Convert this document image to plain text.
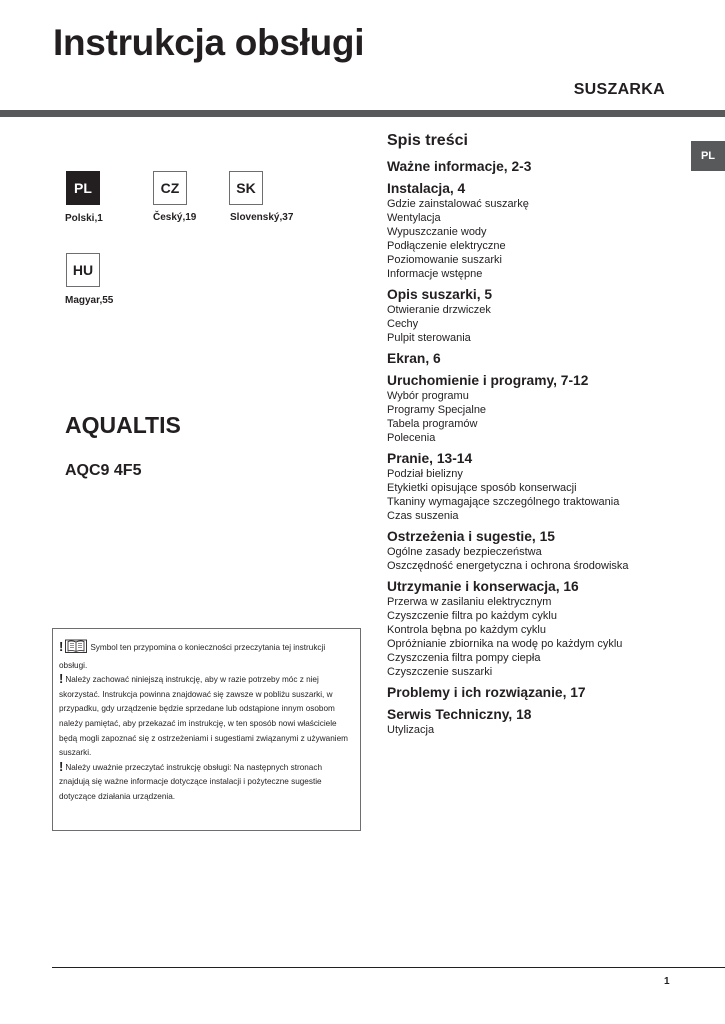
Instrukcja obsługi
SUSZARKA
PL
PL
Polski,1
CZ
Český,19
SK
Slovenský,37
HU
Magyar,55
AQUALTIS
AQC9 4F5

!	Symbol ten przypomina o konieczności przeczytania tej instrukcji obsługi.

! Należy zachować niniejszą instrukcję, aby w razie potrzeby móc z niej skorzystać. Instrukcja powinna znajdować się zawsze w pobliżu suszarki, w przypadku, gdy urządzenie będzie sprzedane lub odstąpione innym osobom należy pamiętać, aby przekazać im instrukcję, w ten sposób nowi właściciele będą mogli zapoznać się z ostrzeżeniami i sugestiami związanymi z używaniem suszarki.

! Należy uważnie przeczytać instrukcję obsługi: Na następnych stronach znajdują się ważne informacje dotyczące instalacji i pożyteczne sugestie dotyczące działania urządzenia.

Spis treści
Ważne informacje, 2-3
Instalacja, 4
Gdzie zainstalować suszarkę
Wentylacja
Wypuszczanie wody
Podłączenie elektryczne
Poziomowanie suszarki
Informacje wstępne
Opis suszarki, 5
Otwieranie drzwiczek
Cechy
Pulpit sterowania
Ekran, 6
Uruchomienie i programy, 7-12
Wybór programu
Programy Specjalne
Tabela programów
Polecenia
Pranie, 13-14
Podział bielizny
Etykietki opisujące sposób konserwacji
Tkaniny wymagające szczególnego traktowania
Czas suszenia
Ostrzeżenia i sugestie, 15
Ogólne zasady bezpieczeństwa
Oszczędność energetyczna i ochrona środowiska
Utrzymanie i konserwacja, 16
Przerwa w zasilaniu elektrycznym
Czyszczenie filtra po każdym cyklu
Kontrola bębna po każdym cyklu
Opróżnianie zbiornika na wodę po każdym cyklu
Czyszczenia filtra pompy ciepła
Czyszczenie suszarki
Problemy i ich rozwiązanie, 17
Serwis Techniczny, 18
Utylizacja
1
